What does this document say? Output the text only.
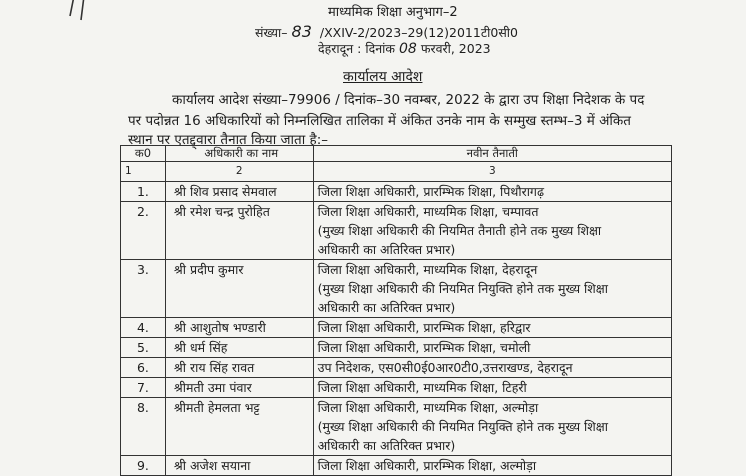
माध्यमिक शिक्षा अनुभाग–2
संख्या– 83 /XXIV-2/2023–29(12)2011टी0सी0
देहरादून : दिनांक 08 फरवरी, 2023
कार्यालय आदेश
कार्यालय आदेश संख्या–79906 / दिनांक–30 नवम्बर, 2022 के द्वारा उप शिक्षा निदेशक के पद
पर पदोन्नत 16 अधिकारियों को निम्नलिखित तालिका में अंकित उनके नाम के सम्मुख स्तम्भ–3 में अंकित
स्थान पर एतद्द्वारा तैनात किया जाता है:–
क0	अधिकारी का नाम	नवीन तैनाती
1	2	3
1.	श्री शिव प्रसाद सेमवाल	जिला शिक्षा अधिकारी, प्रारम्भिक शिक्षा, पिथौरागढ़

2.	श्री रमेश चन्द्र पुरोहित	जिला शिक्षा अधिकारी, माध्यमिक शिक्षा, चम्पावत
(मुख्य शिक्षा अधिकारी की नियमित तैनाती होने तक मुख्य शिक्षा
अधिकारी का अतिरिक्त प्रभार)

3.	श्री प्रदीप कुमार	जिला शिक्षा अधिकारी, माध्यमिक शिक्षा, देहरादून
(मुख्य शिक्षा अधिकारी की नियमित नियुक्ति होने तक मुख्य शिक्षा
अधिकारी का अतिरिक्त प्रभार)

4.	श्री आशुतोष भण्डारी	जिला शिक्षा अधिकारी, प्रारम्भिक शिक्षा, हरिद्वार

5.	श्री धर्म सिंह	जिला शिक्षा अधिकारी, प्रारम्भिक शिक्षा, चमोली

6.	श्री राय सिंह रावत	उप निदेशक, एस0सी0ई0आर0टी0,उत्तराखण्ड, देहरादून

7.	श्रीमती उमा पंवार	जिला शिक्षा अधिकारी, माध्यमिक शिक्षा, टिहरी

8.	श्रीमती हेमलता भट्ट	जिला शिक्षा अधिकारी, माध्यमिक शिक्षा, अल्मोड़ा
(मुख्य शिक्षा अधिकारी की नियमित नियुक्ति होने तक मुख्य शिक्षा
अधिकारी का अतिरिक्त प्रभार)

9.	श्री अजेश सयाना	जिला शिक्षा अधिकारी, प्रारम्भिक शिक्षा, अल्मोड़ा
